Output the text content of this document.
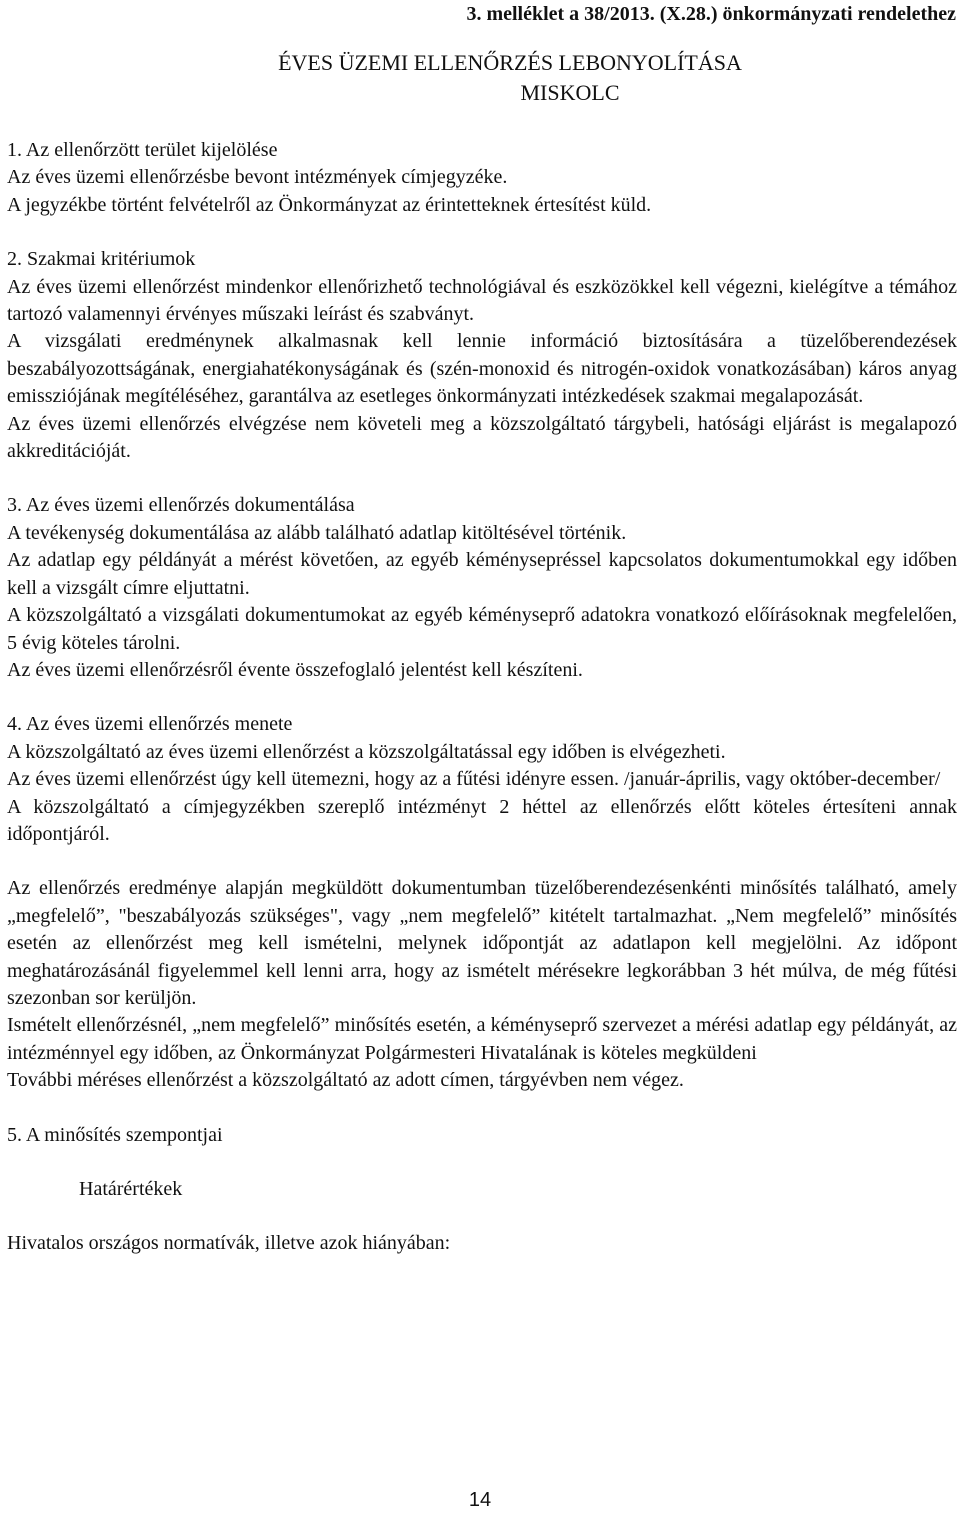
3. melléklet a 38/2013. (X.28.) önkormányzati rendelethez

ÉVES ÜZEMI ELLENŐRZÉS LEBONYOLÍTÁSA
MISKOLC
1. Az ellenőrzött terület kijelölése

Az éves üzemi ellenőrzésbe bevont intézmények címjegyzéke.

A jegyzékbe történt felvételről az Önkormányzat az érintetteknek értesítést küld.

2. Szakmai kritériumok

Az éves üzemi ellenőrzést mindenkor ellenőrizhető technológiával és eszközökkel kell végezni, kielégítve a témához tartozó valamennyi érvényes műszaki leírást és szabványt.

A vizsgálati eredménynek alkalmasnak kell lennie információ biztosítására a tüzelőberendezések beszabályozottságának, energiahatékonyságának és (szén-monoxid és nitrogén-oxidok vonatkozásában) káros anyag emissziójának megítéléséhez, garantálva az esetleges önkormányzati intézkedések szakmai megalapozását.

Az éves üzemi ellenőrzés elvégzése nem követeli meg a közszolgáltató tárgybeli, hatósági eljárást is megalapozó akkreditációját.

3. Az éves üzemi ellenőrzés dokumentálása

A tevékenység dokumentálása az alább található adatlap kitöltésével történik.

Az adatlap egy példányát a mérést követően, az egyéb kéménysepréssel kapcsolatos dokumentumokkal egy időben kell a vizsgált címre eljuttatni.

A közszolgáltató a vizsgálati dokumentumokat az egyéb kéményseprő adatokra vonatkozó előírásoknak megfelelően, 5 évig köteles tárolni.

Az éves üzemi ellenőrzésről évente összefoglaló jelentést kell készíteni.

4. Az éves üzemi ellenőrzés menete

A közszolgáltató az éves üzemi ellenőrzést a közszolgáltatással egy időben is elvégezheti.

Az éves üzemi ellenőrzést úgy kell ütemezni, hogy az a fűtési idényre essen. /január-április, vagy október-december/

A közszolgáltató a címjegyzékben szereplő intézményt 2 héttel az ellenőrzés előtt köteles értesíteni annak időpontjáról.

Az ellenőrzés eredménye alapján megküldött dokumentumban tüzelőberendezésenkénti minősítés található, amely „megfelelő”, "beszabályozás szükséges", vagy „nem megfelelő” kitételt tartalmazhat. „Nem megfelelő” minősítés esetén az ellenőrzést meg kell ismételni, melynek időpontját az adatlapon kell megjelölni. Az időpont meghatározásánál figyelemmel kell lenni arra, hogy az ismételt mérésekre legkorábban 3 hét múlva, de még fűtési szezonban sor kerüljön.

Ismételt ellenőrzésnél, „nem megfelelő” minősítés esetén, a kéményseprő szervezet a mérési adatlap egy példányát, az intézménnyel egy időben, az Önkormányzat Polgármesteri Hivatalának is köteles megküldeni

További méréses ellenőrzést a közszolgáltató az adott címen, tárgyévben nem végez.

5. A minősítés szempontjai

Határértékek

Hivatalos országos normatívák, illetve azok hiányában:

14
